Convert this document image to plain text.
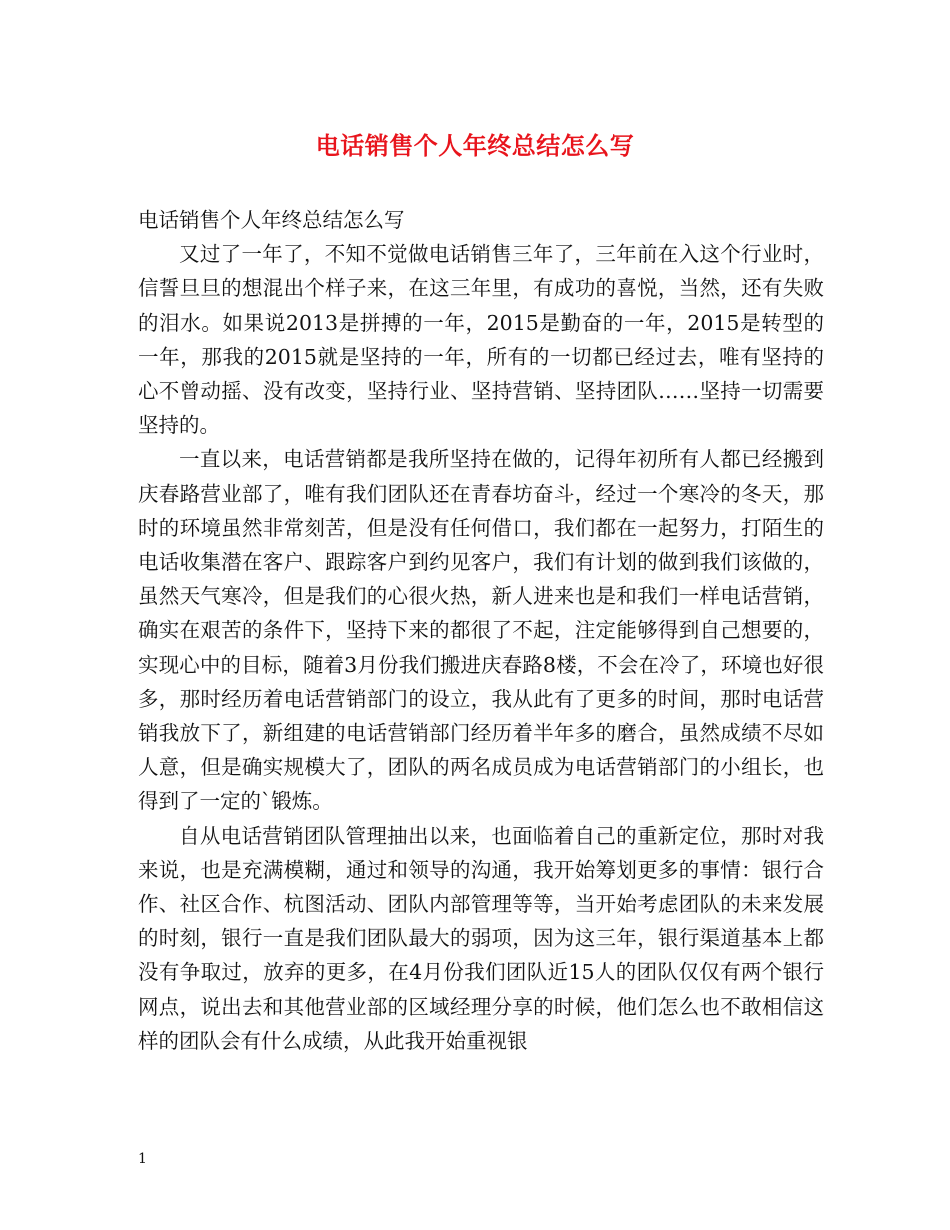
电话销售个人年终总结怎么写

电话销售个人年终总结怎么写

又过了一年了，不知不觉做电话销售三年了，三年前在入这个行业时，信誓旦旦的想混出个样子来，在这三年里，有成功的喜悦，当然，还有失败的泪水。如果说2013是拼搏的一年，2015是勤奋的一年，2015是转型的一年，那我的2015就是坚持的一年，所有的一切都已经过去，唯有坚持的心不曾动摇、没有改变，坚持行业、坚持营销、坚持团队……坚持一切需要坚持的。

一直以来，电话营销都是我所坚持在做的，记得年初所有人都已经搬到庆春路营业部了，唯有我们团队还在青春坊奋斗，经过一个寒冷的冬天，那时的环境虽然非常刻苦，但是没有任何借口，我们都在一起努力，打陌生的电话收集潜在客户、跟踪客户到约见客户，我们有计划的做到我们该做的，虽然天气寒冷，但是我们的心很火热，新人进来也是和我们一样电话营销，确实在艰苦的条件下，坚持下来的都很了不起，注定能够得到自己想要的，实现心中的目标，随着3月份我们搬进庆春路8楼，不会在冷了，环境也好很多，那时经历着电话营销部门的设立，我从此有了更多的时间，那时电话营销我放下了，新组建的电话营销部门经历着半年多的磨合，虽然成绩不尽如人意，但是确实规模大了，团队的两名成员成为电话营销部门的小组长，也得到了一定的`锻炼。

自从电话营销团队管理抽出以来，也面临着自己的重新定位，那时对我来说，也是充满模糊，通过和领导的沟通，我开始筹划更多的事情：银行合作、社区合作、杭图活动、团队内部管理等等，当开始考虑团队的未来发展的时刻，银行一直是我们团队最大的弱项，因为这三年，银行渠道基本上都没有争取过，放弃的更多，在4月份我们团队近15人的团队仅仅有两个银行网点，说出去和其他营业部的区域经理分享的时候，他们怎么也不敢相信这样的团队会有什么成绩，从此我开始重视银

1
